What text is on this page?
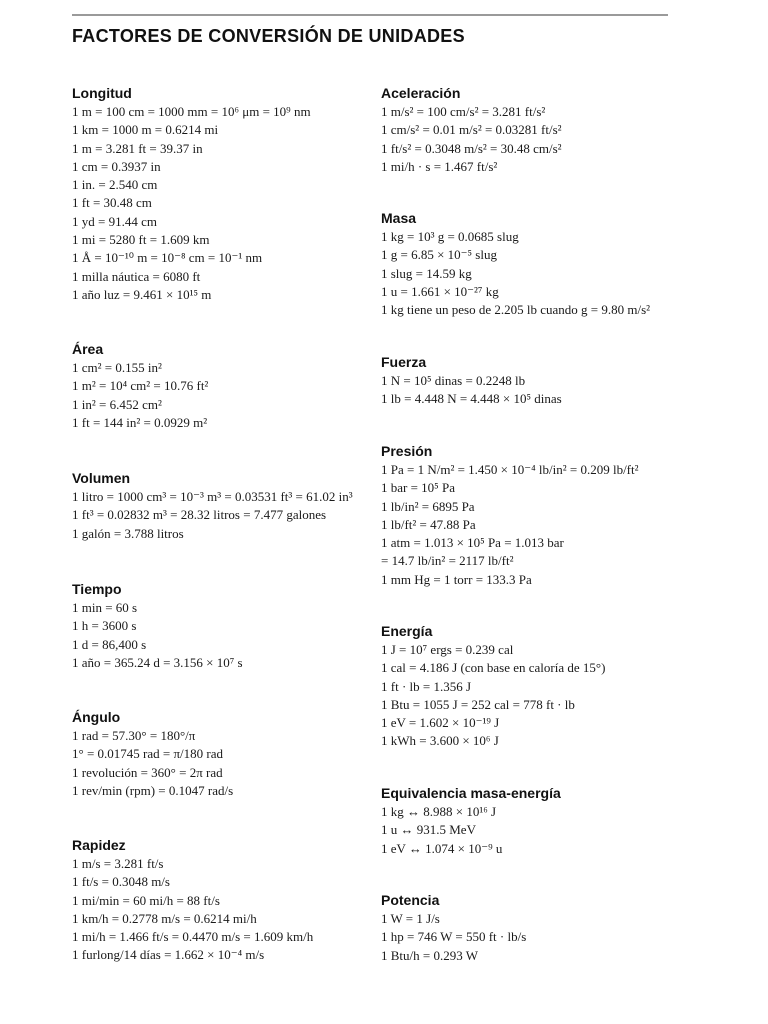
FACTORES DE CONVERSIÓN DE UNIDADES
Longitud
1 m = 100 cm = 1000 mm = 10⁶ μm = 10⁹ nm
1 km = 1000 m = 0.6214 mi
1 m = 3.281 ft = 39.37 in
1 cm = 0.3937 in
1 in. = 2.540 cm
1 ft = 30.48 cm
1 yd = 91.44 cm
1 mi = 5280 ft = 1.609 km
1 Å = 10⁻¹⁰ m = 10⁻⁸ cm = 10⁻¹ nm
1 milla náutica = 6080 ft
1 año luz = 9.461 × 10¹⁵ m
Área
1 cm² = 0.155 in²
1 m² = 10⁴ cm² = 10.76 ft²
1 in² = 6.452 cm²
1 ft = 144 in² = 0.0929 m²
Volumen
1 litro = 1000 cm³ = 10⁻³ m³ = 0.03531 ft³ = 61.02 in³
1 ft³ = 0.02832 m³ = 28.32 litros = 7.477 galones
1 galón = 3.788 litros
Tiempo
1 min = 60 s
1 h = 3600 s
1 d = 86,400 s
1 año = 365.24 d = 3.156 × 10⁷ s
Ángulo
1 rad = 57.30° = 180°/π
1° = 0.01745 rad = π/180 rad
1 revolución = 360° = 2π rad
1 rev/min (rpm) = 0.1047 rad/s
Rapidez
1 m/s = 3.281 ft/s
1 ft/s = 0.3048 m/s
1 mi/min = 60 mi/h = 88 ft/s
1 km/h = 0.2778 m/s = 0.6214 mi/h
1 mi/h = 1.466 ft/s = 0.4470 m/s = 1.609 km/h
1 furlong/14 días = 1.662 × 10⁻⁴ m/s
Aceleración
1 m/s² = 100 cm/s² = 3.281 ft/s²
1 cm/s² = 0.01 m/s² = 0.03281 ft/s²
1 ft/s² = 0.3048 m/s² = 30.48 cm/s²
1 mi/h · s = 1.467 ft/s²
Masa
1 kg = 10³ g = 0.0685 slug
1 g = 6.85 × 10⁻⁵ slug
1 slug = 14.59 kg
1 u = 1.661 × 10⁻²⁷ kg
1 kg tiene un peso de 2.205 lb cuando g = 9.80 m/s²
Fuerza
1 N = 10⁵ dinas = 0.2248 lb
1 lb = 4.448 N = 4.448 × 10⁵ dinas
Presión
1 Pa = 1 N/m² = 1.450 × 10⁻⁴ lb/in² = 0.209 lb/ft²
1 bar = 10⁵ Pa
1 lb/in² = 6895 Pa
1 lb/ft² = 47.88 Pa
1 atm = 1.013 × 10⁵ Pa = 1.013 bar
= 14.7 lb/in² = 2117 lb/ft²
1 mm Hg = 1 torr = 133.3 Pa
Energía
1 J = 10⁷ ergs = 0.239 cal
1 cal = 4.186 J (con base en caloría de 15°)
1 ft · lb = 1.356 J
1 Btu = 1055 J = 252 cal = 778 ft · lb
1 eV = 1.602 × 10⁻¹⁹ J
1 kWh = 3.600 × 10⁶ J
Equivalencia masa-energía
1 kg ↔ 8.988 × 10¹⁶ J
1 u ↔ 931.5 MeV
1 eV ↔ 1.074 × 10⁻⁹ u
Potencia
1 W = 1 J/s
1 hp = 746 W = 550 ft · lb/s
1 Btu/h = 0.293 W
